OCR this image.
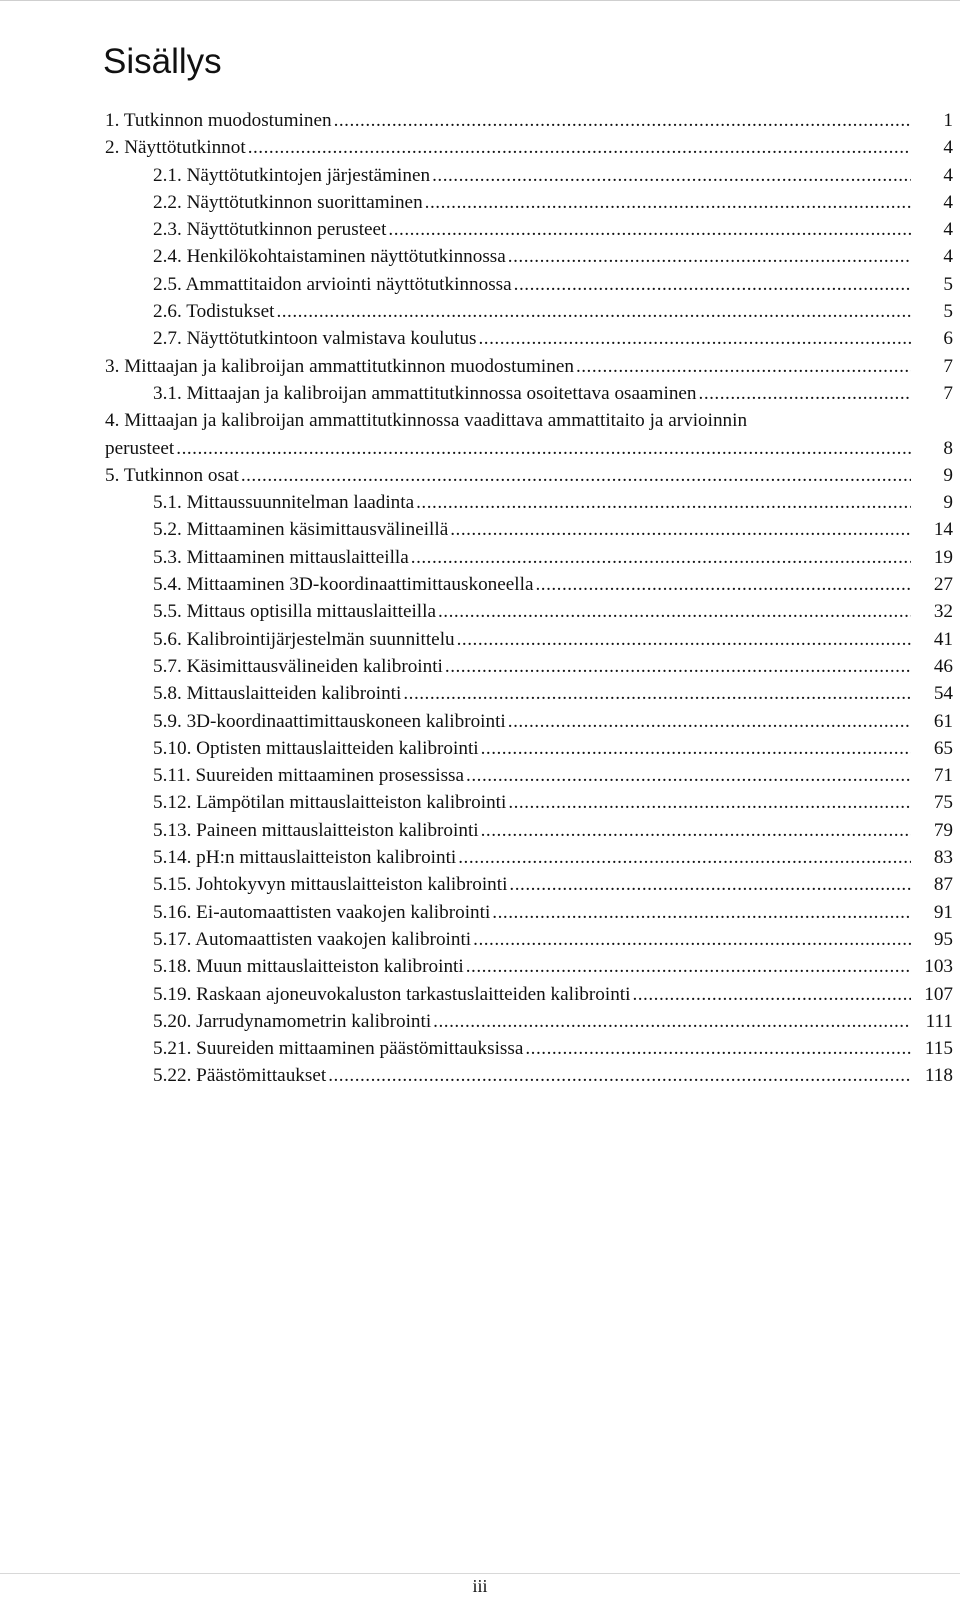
Sisällys
1. Tutkinnon muodostuminen .....	1
2. Näyttötutkinnot .....	4
2.1. Näyttötutkintojen järjestäminen .....	4
2.2. Näyttötutkinnon suorittaminen .....	4
2.3. Näyttötutkinnon perusteet .....	4
2.4. Henkilökohtaistaminen näyttötutkinnossa .....	4
2.5. Ammattitaidon arviointi näyttötutkinnossa .....	5
2.6. Todistukset .....	5
2.7. Näyttötutkintoon valmistava koulutus .....	6
3. Mittaajan ja kalibroijan ammattitutkinnon muodostuminen .....	7
3.1. Mittaajan ja kalibroijan ammattitutkinnossa osoitettava osaaminen .....	7
4. Mittaajan ja kalibroijan ammattitutkinnossa vaadittava ammattitaito ja arvioinnin
perusteet .....	8
5. Tutkinnon osat .....	9
5.1. Mittaussuunnitelman laadinta .....	9
5.2. Mittaaminen käsimittausvälineillä .....	14
5.3. Mittaaminen mittauslaitteilla .....	19
5.4. Mittaaminen 3D-koordinaattimittauskoneella .....	27
5.5. Mittaus optisilla mittauslaitteilla .....	32
5.6. Kalibrointijärjestelmän suunnittelu .....	41
5.7. Käsimittausvälineiden kalibrointi .....	46
5.8. Mittauslaitteiden kalibrointi .....	54
5.9. 3D-koordinaattimittauskoneen kalibrointi .....	61
5.10. Optisten mittauslaitteiden kalibrointi .....	65
5.11. Suureiden mittaaminen prosessissa .....	71
5.12. Lämpötilan mittauslaitteiston kalibrointi .....	75
5.13. Paineen mittauslaitteiston kalibrointi .....	79
5.14. pH:n mittauslaitteiston kalibrointi .....	83
5.15. Johtokyvyn mittauslaitteiston kalibrointi .....	87
5.16. Ei-automaattisten vaakojen kalibrointi .....	91
5.17. Automaattisten vaakojen kalibrointi .....	95
5.18. Muun mittauslaitteiston kalibrointi .....	103
5.19. Raskaan ajoneuvokaluston tarkastuslaitteiden kalibrointi .....	107
5.20. Jarrudynamometrin kalibrointi .....	111
5.21. Suureiden mittaaminen päästömittauksissa .....	115
5.22. Päästömittaukset .....	118
iii
